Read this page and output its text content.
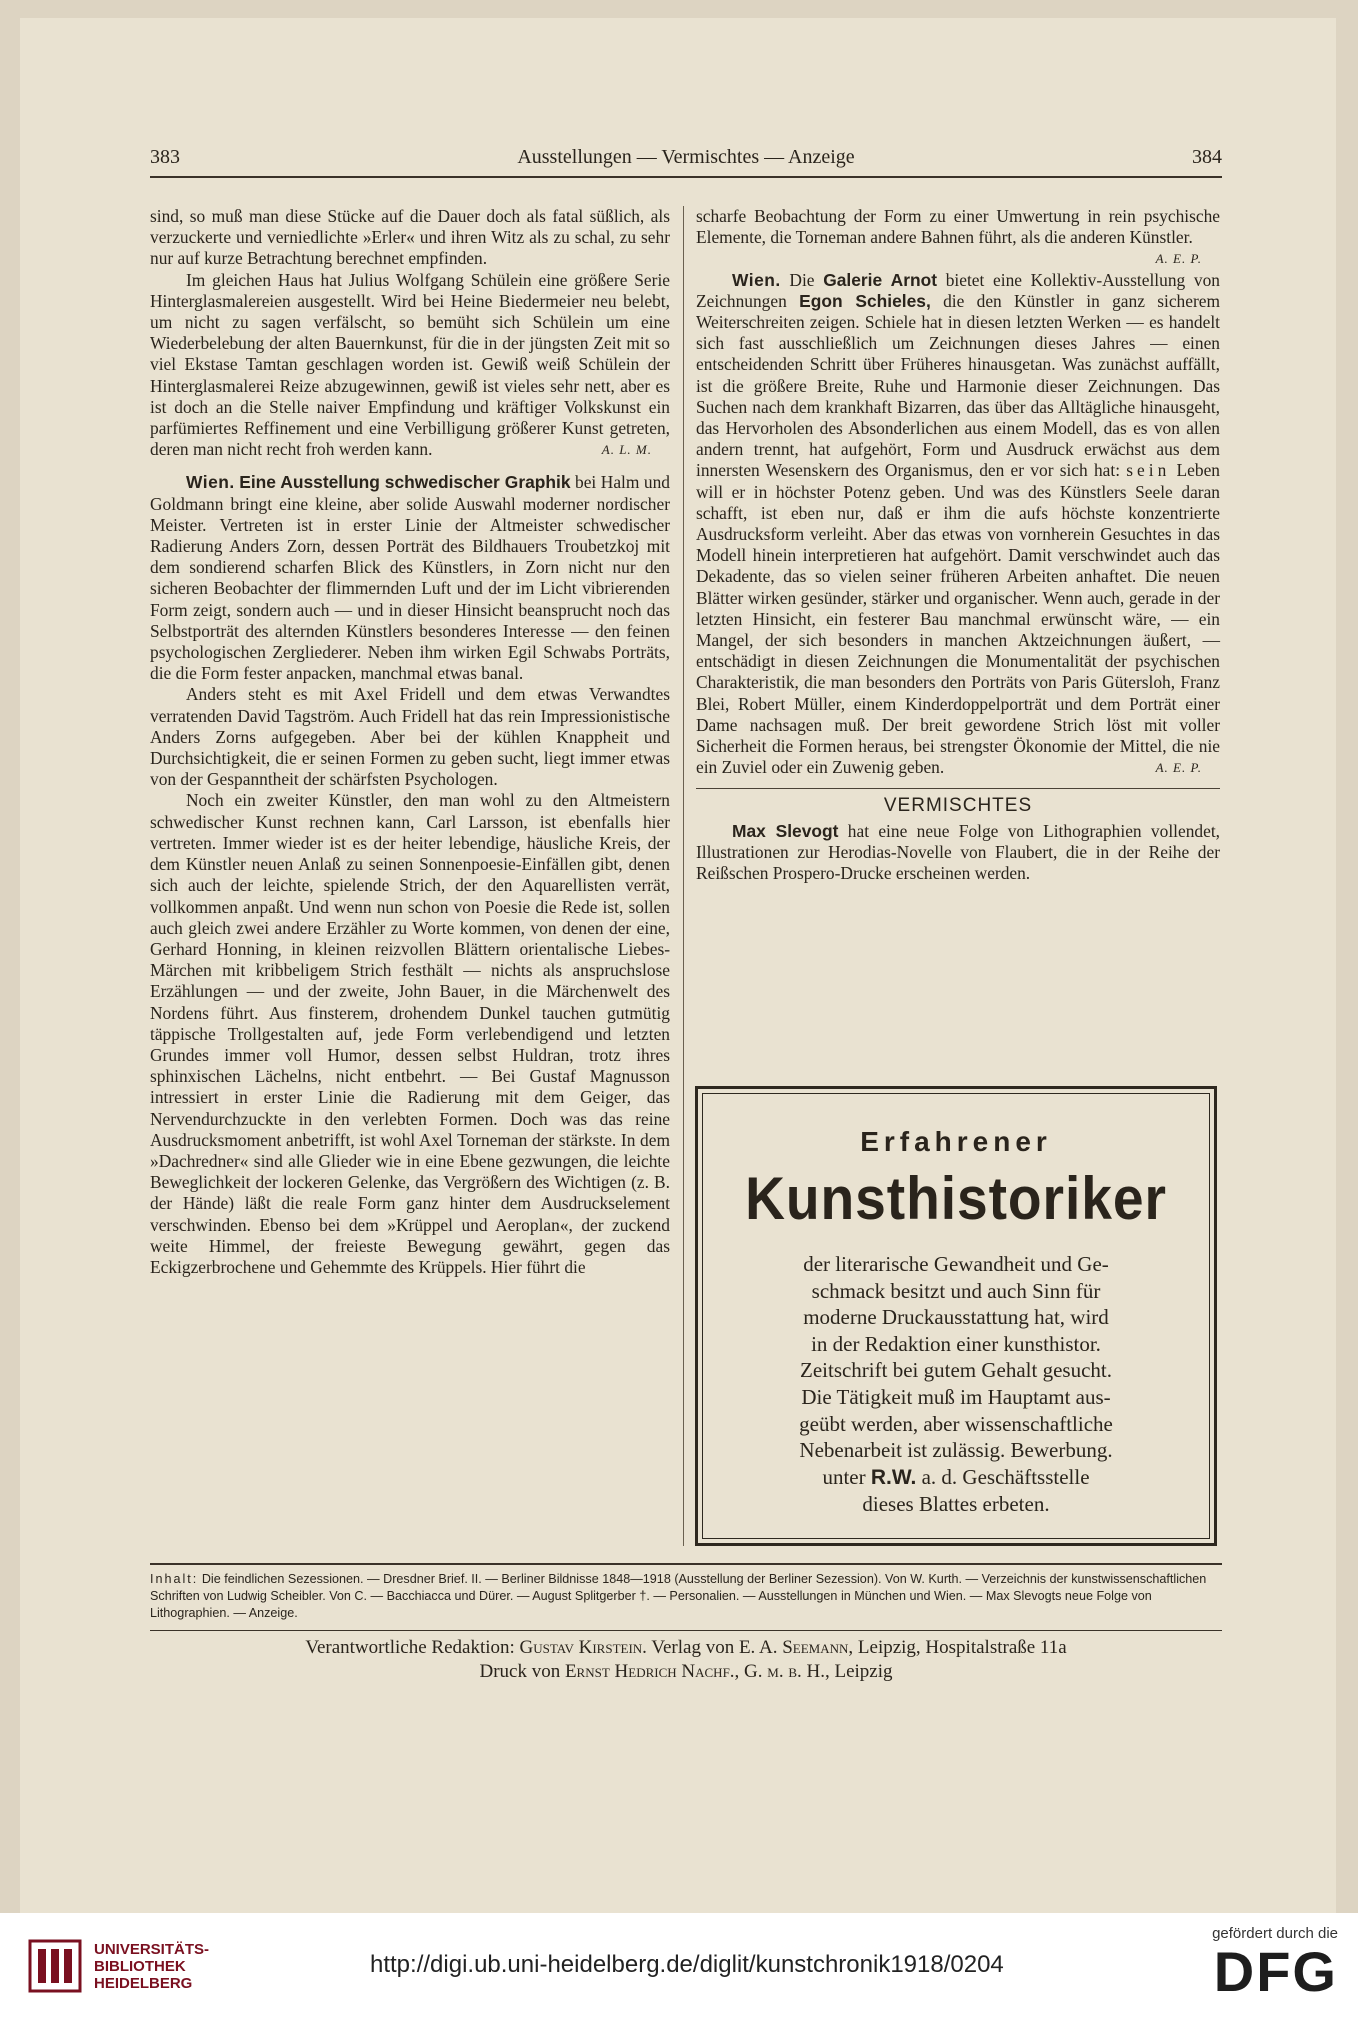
383	Ausstellungen — Vermischtes — Anzeige	384

sind, so muß man diese Stücke auf die Dauer doch als fatal süßlich, als verzuckerte und verniedlichte »Erler« und ihren Witz als zu schal, zu sehr nur auf kurze Betrachtung berechnet empfinden.

Im gleichen Haus hat Julius Wolfgang Schülein eine größere Serie Hinterglasmalereien ausgestellt. Wird bei Heine Biedermeier neu belebt, um nicht zu sagen verfälscht, so bemüht sich Schülein um eine Wiederbelebung der alten Bauernkunst, für die in der jüngsten Zeit mit so viel Ekstase Tamtan geschlagen worden ist. Gewiß weiß Schülein der Hinterglasmalerei Reize abzugewinnen, gewiß ist vieles sehr nett, aber es ist doch an die Stelle naiver Empfindung und kräftiger Volkskunst ein parfümiertes Reffinement und eine Verbilligung größerer Kunst getreten, deren man nicht recht froh werden kann.	A. L. M.

Wien. Eine Ausstellung schwedischer Graphik bei Halm und Goldmann bringt eine kleine, aber solide Auswahl moderner nordischer Meister. Vertreten ist in erster Linie der Altmeister schwedischer Radierung Anders Zorn, dessen Porträt des Bildhauers Troubetzkoj mit dem sondierend scharfen Blick des Künstlers, in Zorn nicht nur den sicheren Beobachter der flimmernden Luft und der im Licht vibrierenden Form zeigt, sondern auch — und in dieser Hinsicht beansprucht noch das Selbstporträt des alternden Künstlers besonderes Interesse — den feinen psychologischen Zergliederer. Neben ihm wirken Egil Schwabs Porträts, die die Form fester anpacken, manchmal etwas banal.

Anders steht es mit Axel Fridell und dem etwas Verwandtes verratenden David Tagström. Auch Fridell hat das rein Impressionistische Anders Zorns aufgegeben. Aber bei der kühlen Knappheit und Durchsichtigkeit, die er seinen Formen zu geben sucht, liegt immer etwas von der Gespanntheit der schärfsten Psychologen.

Noch ein zweiter Künstler, den man wohl zu den Altmeistern schwedischer Kunst rechnen kann, Carl Larsson, ist ebenfalls hier vertreten. Immer wieder ist es der heiter lebendige, häusliche Kreis, der dem Künstler neuen Anlaß zu seinen Sonnenpoesie-Einfällen gibt, denen sich auch der leichte, spielende Strich, der den Aquarellisten verrät, vollkommen anpaßt. Und wenn nun schon von Poesie die Rede ist, sollen auch gleich zwei andere Erzähler zu Worte kommen, von denen der eine, Gerhard Honning, in kleinen reizvollen Blättern orientalische Liebes-Märchen mit kribbeligem Strich festhält — nichts als anspruchslose Erzählungen — und der zweite, John Bauer, in die Märchenwelt des Nordens führt. Aus finsterem, drohendem Dunkel tauchen gutmütig täppische Trollgestalten auf, jede Form verlebendigend und letzten Grundes immer voll Humor, dessen selbst Huldran, trotz ihres sphinxischen Lächelns, nicht entbehrt. — Bei Gustaf Magnusson intressiert in erster Linie die Radierung mit dem Geiger, das Nervendurchzuckte in den verlebten Formen. Doch was das reine Ausdrucksmoment anbetrifft, ist wohl Axel Torneman der stärkste. In dem »Dachredner« sind alle Glieder wie in eine Ebene gezwungen, die leichte Beweglichkeit der lockeren Gelenke, das Vergrößern des Wichtigen (z. B. der Hände) läßt die reale Form ganz hinter dem Ausdruckselement verschwinden. Ebenso bei dem »Krüppel und Aeroplan«, der zuckend weite Himmel, der freieste Bewegung gewährt, gegen das Eckigzerbrochene und Gehemmte des Krüppels. Hier führt die

scharfe Beobachtung der Form zu einer Umwertung in rein psychische Elemente, die Torneman andere Bahnen führt, als die anderen Künstler.
A. E. P.

Wien. Die Galerie Arnot bietet eine Kollektiv-Ausstellung von Zeichnungen Egon Schieles, die den Künstler in ganz sicherem Weiterschreiten zeigen. Schiele hat in diesen letzten Werken — es handelt sich fast ausschließlich um Zeichnungen dieses Jahres — einen entscheidenden Schritt über Früheres hinausgetan. Was zunächst auffällt, ist die größere Breite, Ruhe und Harmonie dieser Zeichnungen. Das Suchen nach dem krankhaft Bizarren, das über das Alltägliche hinausgeht, das Hervorholen des Absonderlichen aus einem Modell, das es von allen andern trennt, hat aufgehört, Form und Ausdruck erwächst aus dem innersten Wesenskern des Organismus, den er vor sich hat: sein Leben will er in höchster Potenz geben. Und was des Künstlers Seele daran schafft, ist eben nur, daß er ihm die aufs höchste konzentrierte Ausdrucksform verleiht. Aber das etwas von vornherein Gesuchtes in das Modell hinein interpretieren hat aufgehört. Damit verschwindet auch das Dekadente, das so vielen seiner früheren Arbeiten anhaftet. Die neuen Blätter wirken gesünder, stärker und organischer. Wenn auch, gerade in der letzten Hinsicht, ein festerer Bau manchmal erwünscht wäre, — ein Mangel, der sich besonders in manchen Aktzeichnungen äußert, — entschädigt in diesen Zeichnungen die Monumentalität der psychischen Charakteristik, die man besonders den Porträts von Paris Gütersloh, Franz Blei, Robert Müller, einem Kinderdoppelporträt und dem Porträt einer Dame nachsagen muß. Der breit gewordene Strich löst mit voller Sicherheit die Formen heraus, bei strengster Ökonomie der Mittel, die nie ein Zuviel oder ein Zuwenig geben.	A. E. P.

VERMISCHTES

Max Slevogt hat eine neue Folge von Lithographien vollendet, Illustrationen zur Herodias-Novelle von Flaubert, die in der Reihe der Reißschen Prospero-Drucke erscheinen werden.

Erfahrener
Kunsthistoriker
der literarische Gewandheit und Ge-
schmack besitzt und auch Sinn für
moderne Druckausstattung hat, wird
in der Redaktion einer kunsthistor.
Zeitschrift bei gutem Gehalt gesucht.
Die Tätigkeit muß im Hauptamt aus-
geübt werden, aber wissenschaftliche
Nebenarbeit ist zulässig. Bewerbung.
unter R.W. a. d. Geschäftsstelle
dieses Blattes erbeten.
Inhalt: Die feindlichen Sezessionen. — Dresdner Brief. II. — Berliner Bildnisse 1848—1918 (Ausstellung der Berliner Sezession). Von W. Kurth. — Verzeichnis der kunstwissenschaftlichen Schriften von Ludwig Scheibler. Von C. — Bacchiacca und Dürer. — August Splitgerber †. — Personalien. — Ausstellungen in München und Wien. — Max Slevogts neue Folge von Lithographien. — Anzeige.
Verantwortliche Redaktion: Gustav Kirstein. Verlag von E. A. Seemann, Leipzig, Hospitalstraße 11a
Druck von Ernst Hedrich Nachf., G. m. b. H., Leipzig
UNIVERSITÄTS-
BIBLIOTHEK
HEIDELBERG
http://digi.ub.uni-heidelberg.de/diglit/kunstchronik1918/0204
gefördert durch die
DFG
